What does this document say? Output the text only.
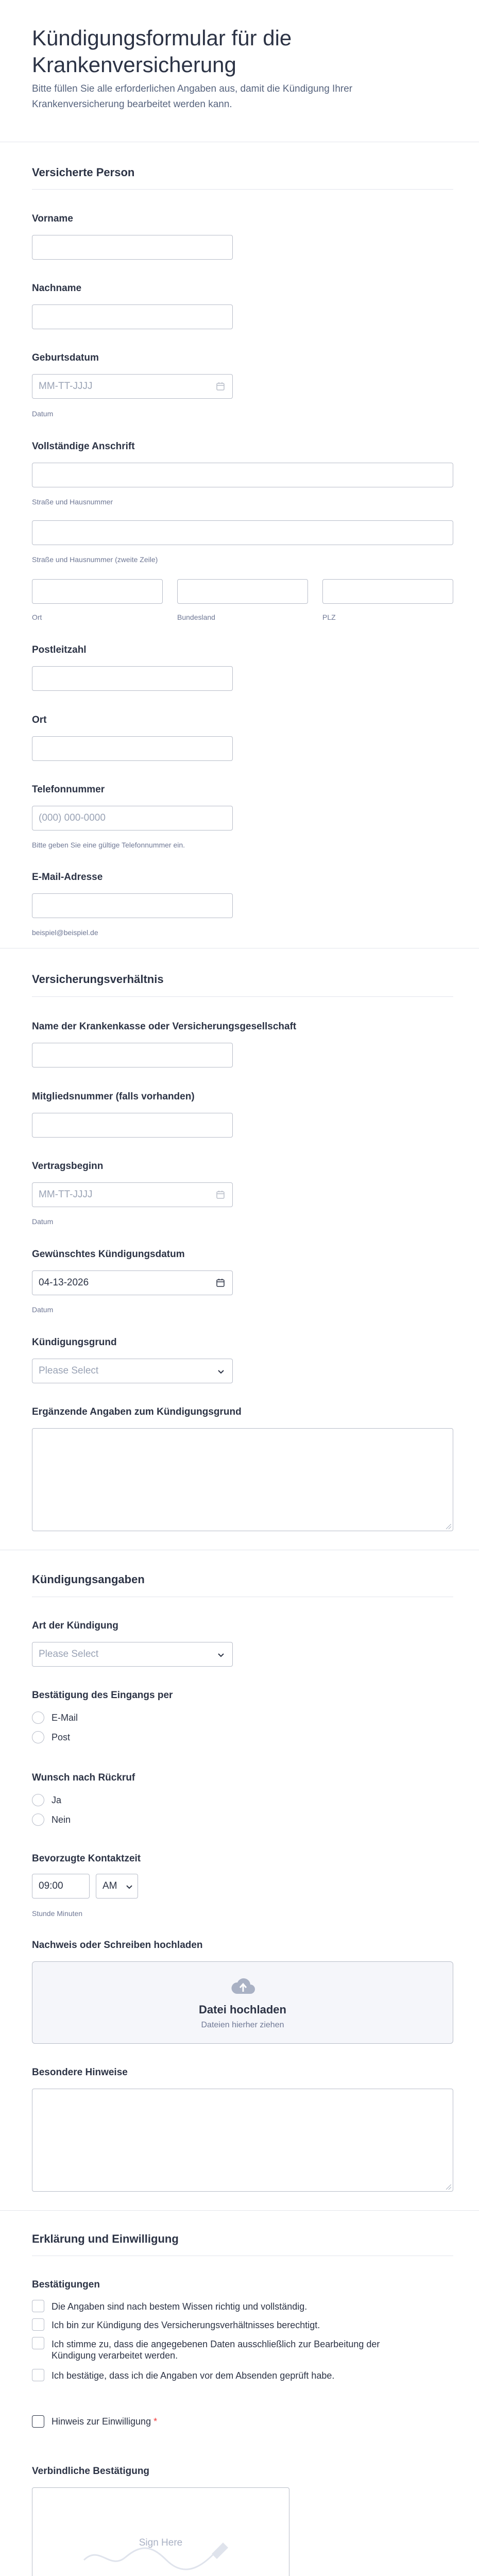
Kündigungsformular für die Krankenversicherung
Bitte füllen Sie alle erforderlichen Angaben aus, damit die Kündigung Ihrer Krankenversicherung bearbeitet werden kann.
Versicherte Person
Vorname
Nachname
Geburtsdatum
MM-TT-JJJJ
Datum
Vollständige Anschrift
Straße und Hausnummer
Straße und Hausnummer (zweite Zeile)
Ort	Bundesland	PLZ
Postleitzahl
Ort
Telefonnummer
(000) 000-0000
Bitte geben Sie eine gültige Telefonnummer ein.
E-Mail-Adresse
beispiel@beispiel.de
Versicherungsverhältnis
Name der Krankenkasse oder Versicherungsgesellschaft
Mitgliedsnummer (falls vorhanden)
Vertragsbeginn
MM-TT-JJJJ
Datum
Gewünschtes Kündigungsdatum
04-13-2026
Datum
Kündigungsgrund
Please Select
Ergänzende Angaben zum Kündigungsgrund
Kündigungsangaben
Art der Kündigung
Please Select
Bestätigung des Eingangs per
E-Mail
Post
Wunsch nach Rückruf
Ja
Nein
Bevorzugte Kontaktzeit
09:00	AM
Stunde Minuten
Nachweis oder Schreiben hochladen
Datei hochladen
Dateien hierher ziehen
Besondere Hinweise
Erklärung und Einwilligung
Bestätigungen
Die Angaben sind nach bestem Wissen richtig und vollständig.
Ich bin zur Kündigung des Versicherungsverhältnisses berechtigt.
Ich stimme zu, dass die angegebenen Daten ausschließlich zur Bearbeitung der Kündigung verarbeitet werden.
Ich bestätige, dass ich die Angaben vor dem Absenden geprüft habe.
Hinweis zur Einwilligung *
Verbindliche Bestätigung
Sign Here
